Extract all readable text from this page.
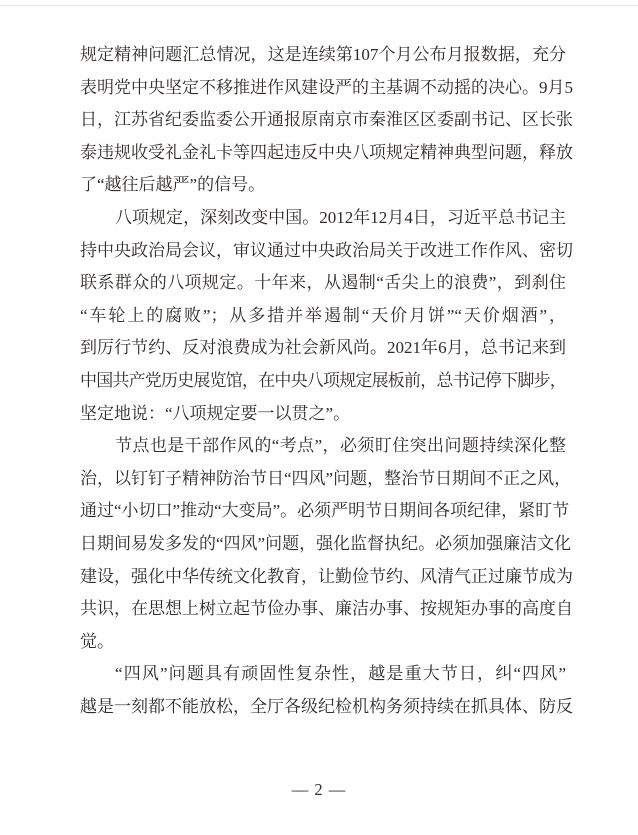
规定精神问题汇总情况，这是连续第107个月公布月报数据，充分
表明党中央坚定不移推进作风建设严的主基调不动摇的决心。9月5
日，江苏省纪委监委公开通报原南京市秦淮区区委副书记、区长张
泰违规收受礼金礼卡等四起违反中央八项规定精神典型问题，释放
了“越往后越严”的信号。
八项规定，深刻改变中国。2012年12月4日，习近平总书记主
持中央政治局会议，审议通过中央政治局关于改进工作作风、密切
联系群众的八项规定。十年来，从遏制“舌尖上的浪费”，到刹住
“车轮上的腐败”；从多措并举遏制“天价月饼”“天价烟酒”，
到厉行节约、反对浪费成为社会新风尚。2021年6月，总书记来到
中国共产党历史展览馆，在中央八项规定展板前，总书记停下脚步，
坚定地说：“八项规定要一以贯之”。
节点也是干部作风的“考点”，必须盯住突出问题持续深化整
治，以钉钉子精神防治节日“四风”问题，整治节日期间不正之风，
通过“小切口”推动“大变局”。必须严明节日期间各项纪律，紧盯节
日期间易发多发的“四风”问题，强化监督执纪。必须加强廉洁文化
建设，强化中华传统文化教育，让勤俭节约、风清气正过廉节成为
共识，在思想上树立起节俭办事、廉洁办事、按规矩办事的高度自
觉。
“四风”问题具有顽固性复杂性，越是重大节日，纠“四风”
越是一刻都不能放松，全厅各级纪检机构务须持续在抓具体、防反
— 2 —
